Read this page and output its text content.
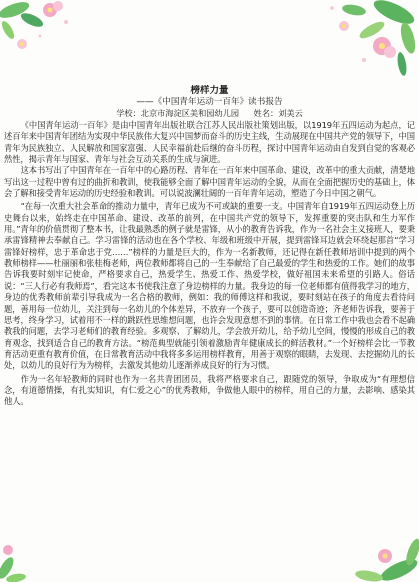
榜样力量
——《中国青年运动一百年》读书报告
学校：北京市海淀区美和园幼儿园 姓名：刘美云

《中国青年运动一百年》是由中国青年出版社联合江苏人民出版社策划出版，以1919年五四运动为起点，记述百年来中国青年团结为实现中华民族伟大复兴中国梦而奋斗的历史主线，生动展现在中国共产党的领导下，中国青年为民族独立、人民解放和国家富强、人民幸福前赴后继的奋斗历程，探讨中国青年运动由自发到自觉的客观必然性，揭示青年与国家、青年与社会互动关系的生成与演进。

这本书写出了中国青年在一百年中的心路历程、青年在一百年来中国革命、建设，改革中的重大贡献，清楚地写出这一过程中曾有过的曲折和教训，使我能够全面了解中国青年运动的全貌，从而在全面把握历史的基础上，体会了解和接受青年运动的历史经验和教训。可以说波澜壮阔的一百年青年运动，塑造了今日中国之朝气。

“在每一次重大社会革命的推动力量中，青年已成为不可或缺的重要一支。中国青年自1919年五四运动登上历史舞台以来，始终走在中国革命、建设、改革的前列，在中国共产党的领导下，发挥重要的突击队和生力军作用。”青年的价值贯彻了整本书，让我最熟悉的例子就是雷锋，从小的教育告诉我，作为一名社会主义接班人，要秉承雷锋精神去奉献自己。学习雷锋的活动也在各个学校、年级和班级中开展，提到雷锋耳边就会环绕起那首“学习雷锋好榜样，忠于革命忠于党……”榜样的力量是巨大的，作为一名新教师，还记得在新任教师培训中提到的两个教师榜样——杜丽丽和张桂梅老师，两位教师都将自己的一生奉献给了自己最爱的学生和热爱的工作。她们的故事告诉我要时刻牢记使命，严格要求自己，热爱学生、热爱工作、热爱学校，做好祖国未来希望的引路人。俗话说：“三人行必有我师焉”，看完这本书使我注意了身边榜样的力量。我身边的每一位老师都有值得我学习的地方，身边的优秀教师前辈引导我成为一名合格的教师，例如：我的师傅这样和我说，要时刻站在孩子的角度去看待问题，善用每一位幼儿，关注到每一名幼儿的个体差异，不放弃一个孩子，要可以创造奇迹；齐老师告诉我，要善于思考，终身学习，试着用不一样的跳跃性思维想问题，也许会发现意想不到的事情。在日常工作中我也会看不起确教我的问题，去学习老师们的教育经验。多观察、了解幼儿，学会放开幼儿，给予幼儿空间，慢慢的形成自己的教育观念，找到适合自己的教育方法。“榜范典型就能引领着激励青年健康成长的鲜活教材。”一个好榜样会比一节教育活动更重有教育价值，在日常教育活动中我将多多运用榜样教育，用善于观察的眼睛，去发现、去挖掘幼儿的长处，以幼儿的良好行为为榜样，去激发其他幼儿逐渐养成良好的行为习惯。

作为一名年轻教师的同时也作为一名共青团团员，我将严格要求自己，跟随党的领导，争取成为“有理想信念，有道德情操，有扎实知识，有仁爱之心”的优秀教师，争做他人眼中的榜样，用自己的力量，去影响、感染其他人。
